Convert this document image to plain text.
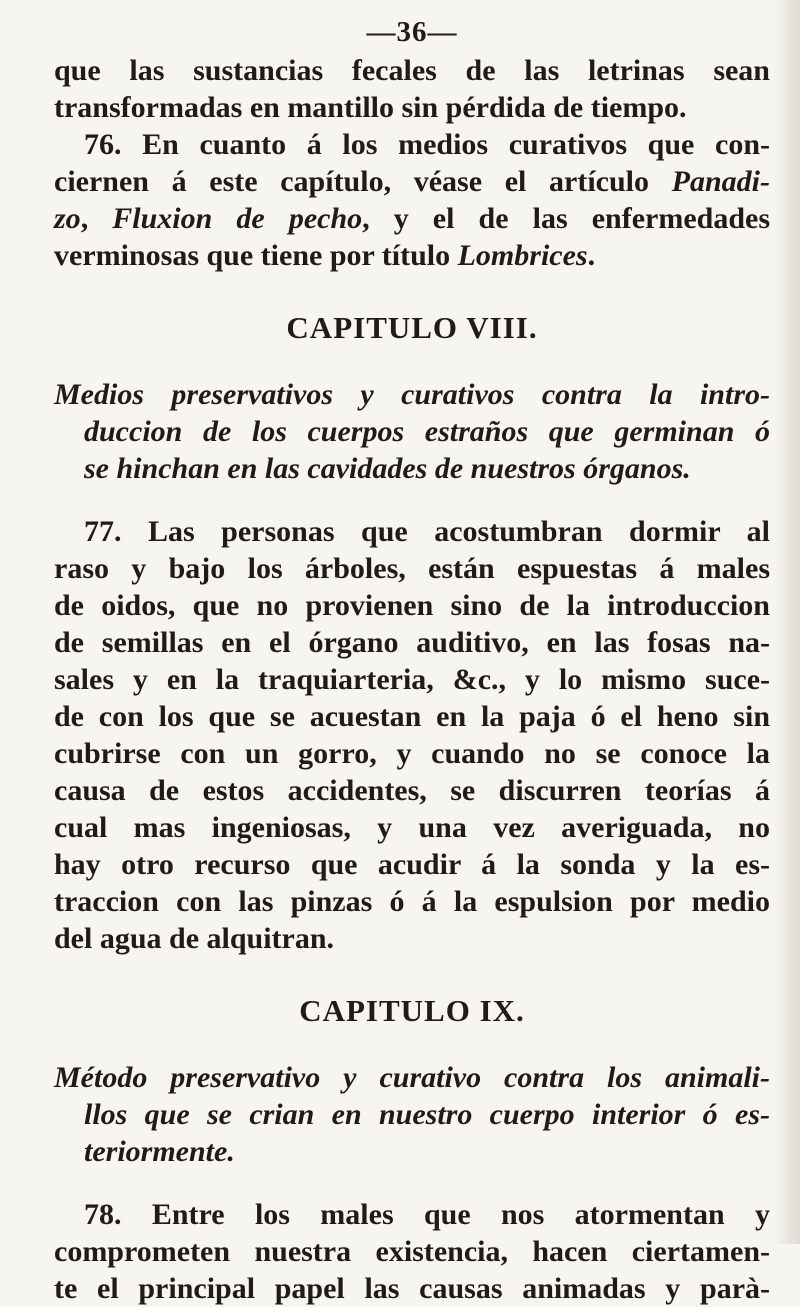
—36—
que las sustancias fecales de las letrinas sean
transformadas en mantillo sin pérdida de tiempo.
76. En cuanto á los medios curativos que con-
ciernen á este capítulo, véase el artículo Panadi-
zo, Fluxion de pecho, y el de las enfermedades
verminosas que tiene por título Lombrices.
CAPITULO VIII.
Medios preservativos y curativos contra la intro-
duccion de los cuerpos estraños que germinan ó
se hinchan en las cavidades de nuestros órganos.
77. Las personas que acostumbran dormir al
raso y bajo los árboles, están espuestas á males
de oidos, que no provienen sino de la introduccion
de semillas en el órgano auditivo, en las fosas na-
sales y en la traquiarteria, &c., y lo mismo suce-
de con los que se acuestan en la paja ó el heno sin
cubrirse con un gorro, y cuando no se conoce la
causa de estos accidentes, se discurren teorías á
cual mas ingeniosas, y una vez averiguada, no
hay otro recurso que acudir á la sonda y la es-
traccion con las pinzas ó á la espulsion por medio
del agua de alquitran.
CAPITULO IX.
Método preservativo y curativo contra los animali-
llos que se crian en nuestro cuerpo interior ó es-
teriormente.
78. Entre los males que nos atormentan y
comprometen nuestra existencia, hacen ciertamen-
te el principal papel las causas animadas y parà-
